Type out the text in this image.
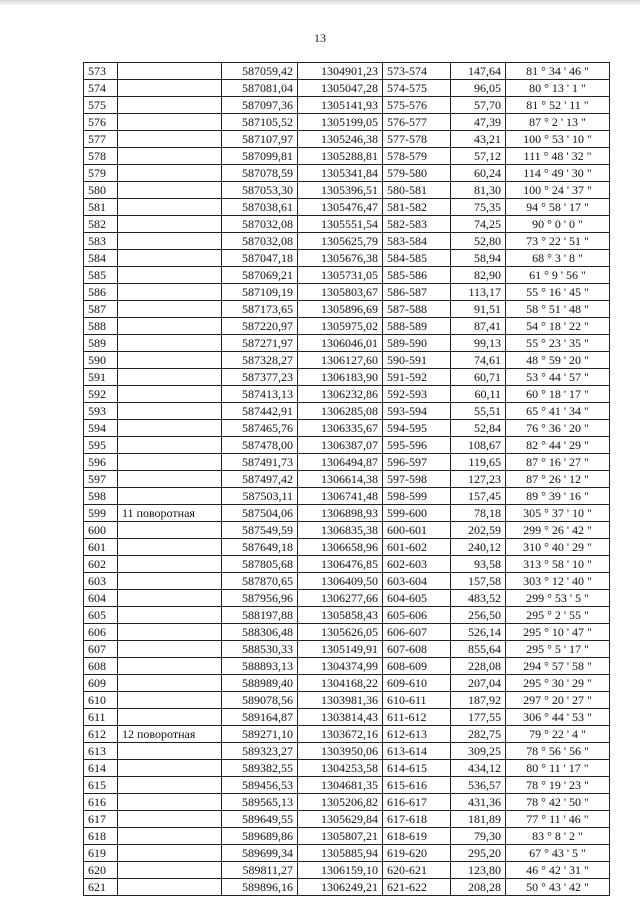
13
573		587059,42	1304901,23	573-574	147,64	81 ° 34 ' 46 "
574		587081,04	1305047,28	574-575	96,05	80 ° 13 ' 1 "
575		587097,36	1305141,93	575-576	57,70	81 ° 52 ' 11 "
576		587105,52	1305199,05	576-577	47,39	87 ° 2 ' 13 "
577		587107,97	1305246,38	577-578	43,21	100 ° 53 ' 10 "
578		587099,81	1305288,81	578-579	57,12	111 ° 48 ' 32 "
579		587078,59	1305341,84	579-580	60,24	114 ° 49 ' 30 "
580		587053,30	1305396,51	580-581	81,30	100 ° 24 ' 37 "
581		587038,61	1305476,47	581-582	75,35	94 ° 58 ' 17 "
582		587032,08	1305551,54	582-583	74,25	90 ° 0 ' 0 "
583		587032,08	1305625,79	583-584	52,80	73 ° 22 ' 51 "
584		587047,18	1305676,38	584-585	58,94	68 ° 3 ' 8 "
585		587069,21	1305731,05	585-586	82,90	61 ° 9 ' 56 "
586		587109,19	1305803,67	586-587	113,17	55 ° 16 ' 45 "
587		587173,65	1305896,69	587-588	91,51	58 ° 51 ' 48 "
588		587220,97	1305975,02	588-589	87,41	54 ° 18 ' 22 "
589		587271,97	1306046,01	589-590	99,13	55 ° 23 ' 35 "
590		587328,27	1306127,60	590-591	74,61	48 ° 59 ' 20 "
591		587377,23	1306183,90	591-592	60,71	53 ° 44 ' 57 "
592		587413,13	1306232,86	592-593	60,11	60 ° 18 ' 17 "
593		587442,91	1306285,08	593-594	55,51	65 ° 41 ' 34 "
594		587465,76	1306335,67	594-595	52,84	76 ° 36 ' 20 "
595		587478,00	1306387,07	595-596	108,67	82 ° 44 ' 29 "
596		587491,73	1306494,87	596-597	119,65	87 ° 16 ' 27 "
597		587497,42	1306614,38	597-598	127,23	87 ° 26 ' 12 "
598		587503,11	1306741,48	598-599	157,45	89 ° 39 ' 16 "
599	11 поворотная	587504,06	1306898,93	599-600	78,18	305 ° 37 ' 10 "
600		587549,59	1306835,38	600-601	202,59	299 ° 26 ' 42 "
601		587649,18	1306658,96	601-602	240,12	310 ° 40 ' 29 "
602		587805,68	1306476,85	602-603	93,58	313 ° 58 ' 10 "
603		587870,65	1306409,50	603-604	157,58	303 ° 12 ' 40 "
604		587956,96	1306277,66	604-605	483,52	299 ° 53 ' 5 "
605		588197,88	1305858,43	605-606	256,50	295 ° 2 ' 55 "
606		588306,48	1305626,05	606-607	526,14	295 ° 10 ' 47 "
607		588530,33	1305149,91	607-608	855,64	295 ° 5 ' 17 "
608		588893,13	1304374,99	608-609	228,08	294 ° 57 ' 58 "
609		588989,40	1304168,22	609-610	207,04	295 ° 30 ' 29 "
610		589078,56	1303981,36	610-611	187,92	297 ° 20 ' 27 "
611		589164,87	1303814,43	611-612	177,55	306 ° 44 ' 53 "
612	12 поворотная	589271,10	1303672,16	612-613	282,75	79 ° 22 ' 4 "
613		589323,27	1303950,06	613-614	309,25	78 ° 56 ' 56 "
614		589382,55	1304253,58	614-615	434,12	80 ° 11 ' 17 "
615		589456,53	1304681,35	615-616	536,57	78 ° 19 ' 23 "
616		589565,13	1305206,82	616-617	431,36	78 ° 42 ' 50 "
617		589649,55	1305629,84	617-618	181,89	77 ° 11 ' 46 "
618		589689,86	1305807,21	618-619	79,30	83 ° 8 ' 2 "
619		589699,34	1305885,94	619-620	295,20	67 ° 43 ' 5 "
620		589811,27	1306159,10	620-621	123,80	46 ° 42 ' 31 "
621		589896,16	1306249,21	621-622	208,28	50 ° 43 ' 42 "
